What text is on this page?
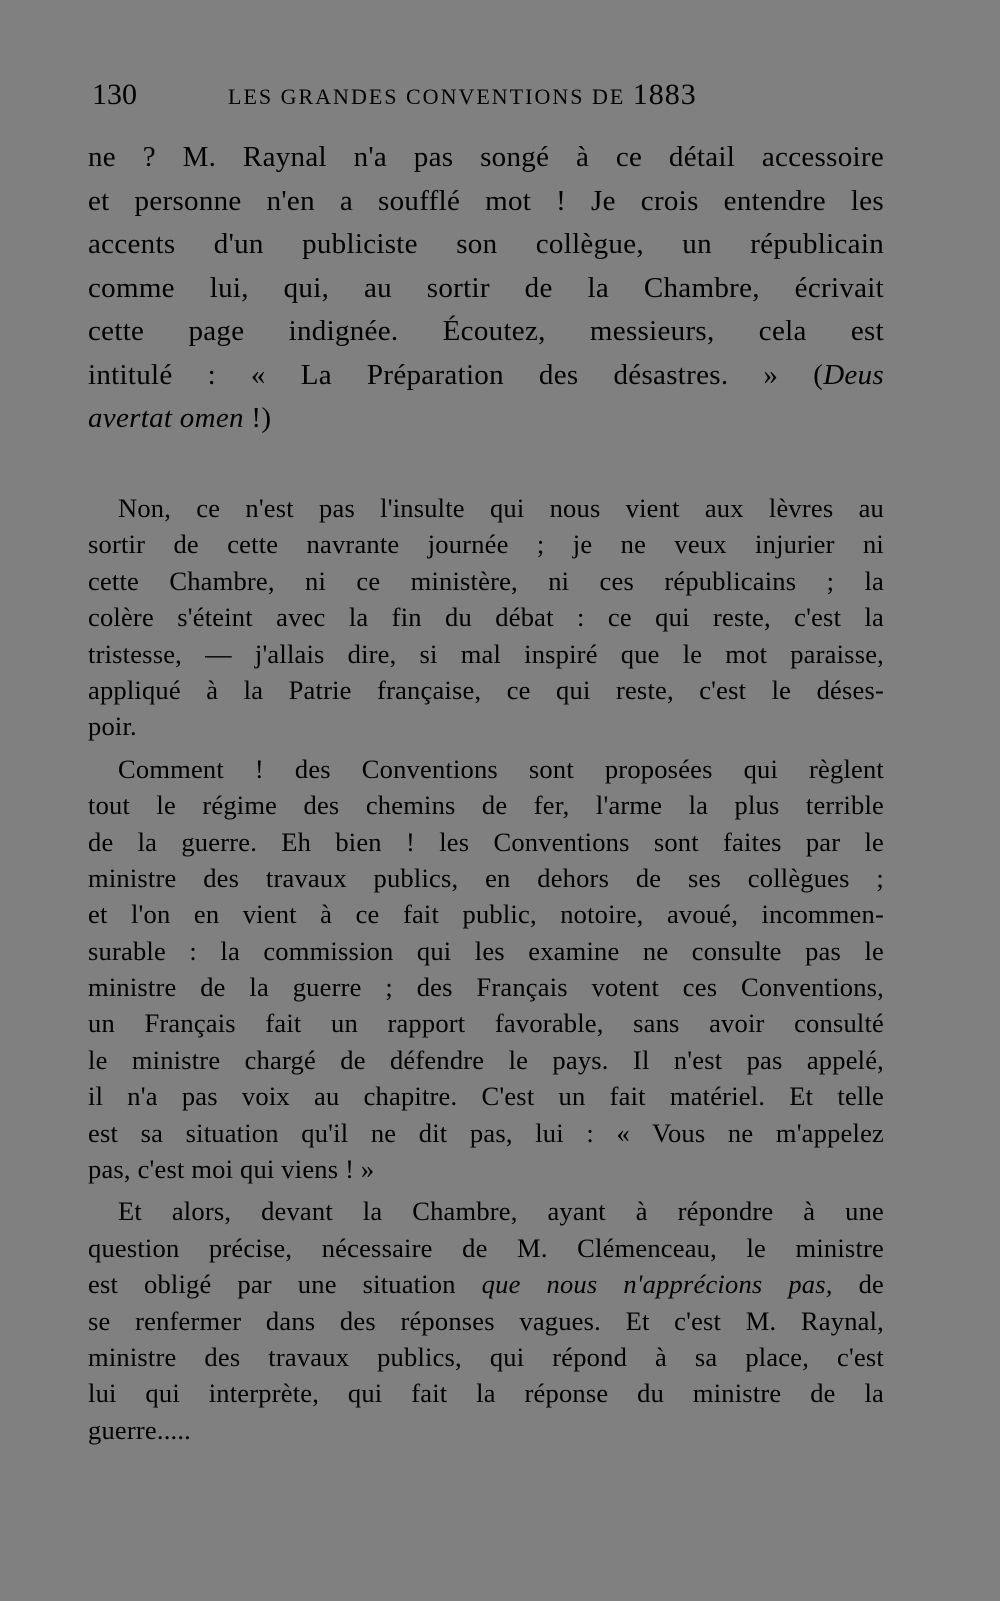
130	LES GRANDES CONVENTIONS DE 1883
ne ? M. Raynal n'a pas songé à ce détail accessoire
et personne n'en a soufflé mot ! Je crois entendre les
accents d'un publiciste son collègue, un républicain
comme lui, qui, au sortir de la Chambre, écrivait
cette page indignée. Écoutez, messieurs, cela est
intitulé : « La Préparation des désastres. » (Deus
avertat omen !)
Non, ce n'est pas l'insulte qui nous vient aux lèvres au
sortir de cette navrante journée ; je ne veux injurier ni
cette Chambre, ni ce ministère, ni ces républicains ; la
colère s'éteint avec la fin du débat : ce qui reste, c'est la
tristesse, — j'allais dire, si mal inspiré que le mot paraisse,
appliqué à la Patrie française, ce qui reste, c'est le déses-
poir.
Comment ! des Conventions sont proposées qui règlent
tout le régime des chemins de fer, l'arme la plus terrible
de la guerre. Eh bien ! les Conventions sont faites par le
ministre des travaux publics, en dehors de ses collègues ;
et l'on en vient à ce fait public, notoire, avoué, incommen-
surable : la commission qui les examine ne consulte pas le
ministre de la guerre ; des Français votent ces Conventions,
un Français fait un rapport favorable, sans avoir consulté
le ministre chargé de défendre le pays. Il n'est pas appelé,
il n'a pas voix au chapitre. C'est un fait matériel. Et telle
est sa situation qu'il ne dit pas, lui : « Vous ne m'appelez
pas, c'est moi qui viens ! »
Et alors, devant la Chambre, ayant à répondre à une
question précise, nécessaire de M. Clémenceau, le ministre
est obligé par une situation que nous n'apprécions pas, de
se renfermer dans des réponses vagues. Et c'est M. Raynal,
ministre des travaux publics, qui répond à sa place, c'est
lui qui interprète, qui fait la réponse du ministre de la
guerre.....
